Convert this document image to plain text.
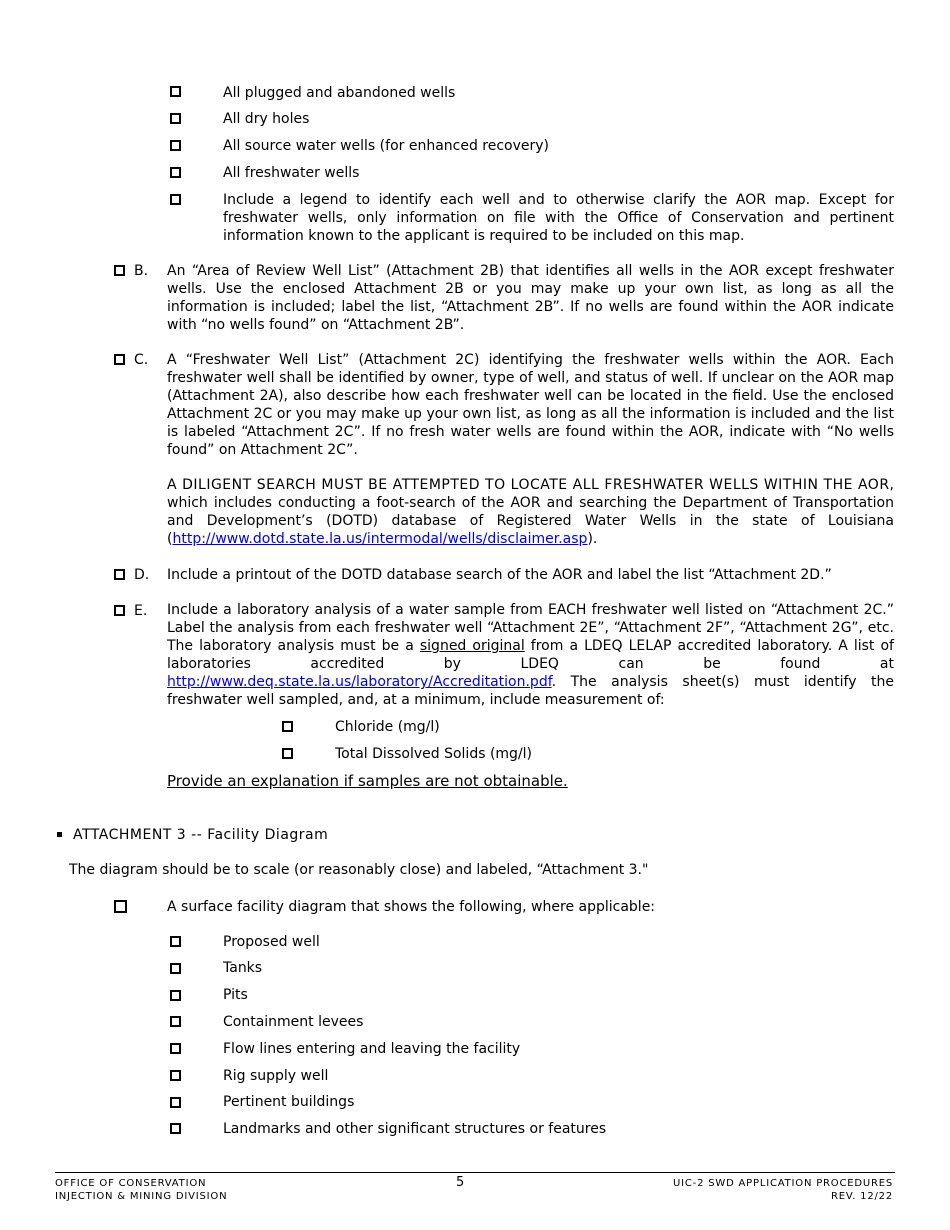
All plugged and abandoned wells
All dry holes
All source water wells (for enhanced recovery)
All freshwater wells
Include a legend to identify each well and to otherwise clarify the AOR map. Except for freshwater wells, only information on file with the Office of Conservation and pertinent information known to the applicant is required to be included on this map.
B. An “Area of Review Well List” (Attachment 2B) that identifies all wells in the AOR except freshwater wells. Use the enclosed Attachment 2B or you may make up your own list, as long as all the information is included; label the list, “Attachment 2B”. If no wells are found within the AOR indicate with “no wells found” on “Attachment 2B”.
C. A “Freshwater Well List” (Attachment 2C) identifying the freshwater wells within the AOR. Each freshwater well shall be identified by owner, type of well, and status of well. If unclear on the AOR map (Attachment 2A), also describe how each freshwater well can be located in the field. Use the enclosed Attachment 2C or you may make up your own list, as long as all the information is included and the list is labeled “Attachment 2C”. If no fresh water wells are found within the AOR, indicate with “No wells found” on Attachment 2C”.
A DILIGENT SEARCH MUST BE ATTEMPTED TO LOCATE ALL FRESHWATER WELLS WITHIN THE AOR, which includes conducting a foot-search of the AOR and searching the Department of Transportation and Development’s (DOTD) database of Registered Water Wells in the state of Louisiana (http://www.dotd.state.la.us/intermodal/wells/disclaimer.asp).
D. Include a printout of the DOTD database search of the AOR and label the list “Attachment 2D.”
E. Include a laboratory analysis of a water sample from EACH freshwater well listed on “Attachment 2C.” Label the analysis from each freshwater well “Attachment 2E”, “Attachment 2F”, “Attachment 2G”, etc. The laboratory analysis must be a signed original from a LDEQ LELAP accredited laboratory. A list of laboratories accredited by LDEQ can be found at http://www.deq.state.la.us/laboratory/Accreditation.pdf. The analysis sheet(s) must identify the freshwater well sampled, and, at a minimum, include measurement of:
Chloride (mg/l)
Total Dissolved Solids (mg/l)
Provide an explanation if samples are not obtainable.
ATTACHMENT 3 -- Facility Diagram
The diagram should be to scale (or reasonably close) and labeled, “Attachment 3."
A surface facility diagram that shows the following, where applicable:
Proposed well
Tanks
Pits
Containment levees
Flow lines entering and leaving the facility
Rig supply well
Pertinent buildings
Landmarks and other significant structures or features
OFFICE OF CONSERVATION
INJECTION & MINING DIVISION
5	UIC-2 SWD APPLICATION PROCEDURES
REV. 12/22
